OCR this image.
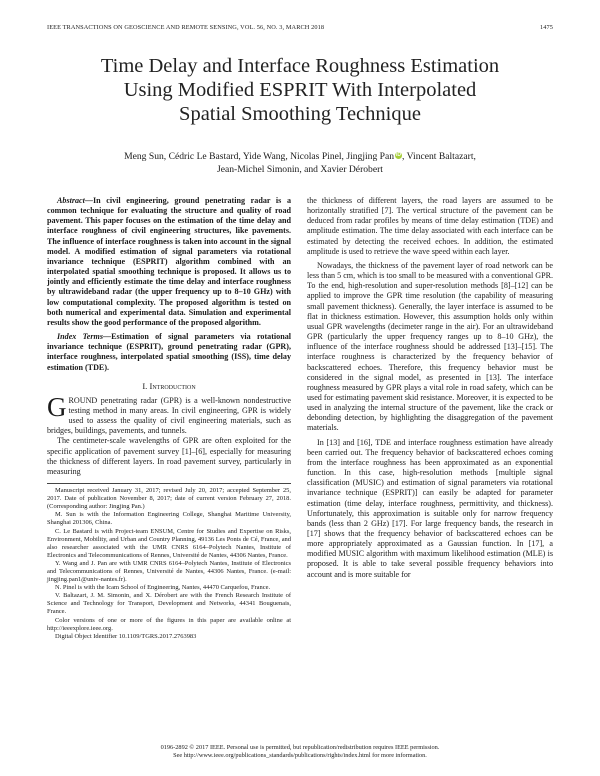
IEEE TRANSACTIONS ON GEOSCIENCE AND REMOTE SENSING, VOL. 56, NO. 3, MARCH 2018	1475
Time Delay and Interface Roughness Estimation
Using Modified ESPRIT With Interpolated
Spatial Smoothing Technique
Meng Sun, Cédric Le Bastard, Yide Wang, Nicolas Pinel, Jingjing Pan iD, Vincent Baltazart,
Jean-Michel Simonin, and Xavier Dérobert

Abstract—In civil engineering, ground penetrating radar is a common technique for evaluating the structure and quality of road pavement. This paper focuses on the estimation of the time delay and interface roughness of civil engineering structures, like pavements. The influence of interface roughness is taken into account in the signal model. A modified estimation of signal parameters via rotational invariance technique (ESPRIT) algorithm combined with an interpolated spatial smoothing technique is proposed. It allows us to jointly and efficiently estimate the time delay and interface roughness by ultrawideband radar (the upper frequency up to 8–10 GHz) with low computational complexity. The proposed algorithm is tested on both numerical and experimental data. Simulation and experimental results show the good performance of the proposed algorithm.

Index Terms—Estimation of signal parameters via rotational invariance technique (ESPRIT), ground penetrating radar (GPR), interface roughness, interpolated spatial smoothing (ISS), time delay estimation (TDE).

I. Introduction

GROUND penetrating radar (GPR) is a well-known nondestructive testing method in many areas. In civil engineering, GPR is widely used to assess the quality of civil engineering materials, such as bridges, buildings, pavements, and tunnels.

The centimeter-scale wavelengths of GPR are often exploited for the specific application of pavement survey [1]–[6], especially for measuring the thickness of different layers. In road pavement survey, particularly in measuring

Manuscript received January 31, 2017; revised July 20, 2017; accepted September 25, 2017. Date of publication November 8, 2017; date of current version February 27, 2018. (Corresponding author: Jingjing Pan.)
M. Sun is with the Information Engineering College, Shanghai Maritime University, Shanghai 201306, China.
C. Le Bastard is with Project-team ENSUM, Centre for Studies and Expertise on Risks, Environment, Mobility, and Urban and Country Planning, 49136 Les Ponts de Cé, France, and also researcher associated with the UMR CNRS 6164–Polytech Nantes, Institute of Electronics and Telecommunications of Rennes, Université de Nantes, 44306 Nantes, France.
Y. Wang and J. Pan are with UMR CNRS 6164–Polytech Nantes, Institute of Electronics and Telecommunications of Rennes, Université de Nantes, 44306 Nantes, France. (e-mail: jingjing.pan1@univ-nantes.fr).
N. Pinel is with the Icam School of Engineering, Nantes, 44470 Carquefou, France.
V. Baltazart, J. M. Simonin, and X. Dérobert are with the French Research Institute of Science and Technology for Transport, Development and Networks, 44341 Bouguenais, France.
Color versions of one or more of the figures in this paper are available online at http://ieeexplore.ieee.org.
Digital Object Identifier 10.1109/TGRS.2017.2763983

the thickness of different layers, the road layers are assumed to be horizontally stratified [7]. The vertical structure of the pavement can be deduced from radar profiles by means of time delay estimation (TDE) and amplitude estimation. The time delay associated with each interface can be estimated by detecting the received echoes. In addition, the estimated amplitude is used to retrieve the wave speed within each layer.

Nowadays, the thickness of the pavement layer of road network can be less than 5 cm, which is too small to be measured with a conventional GPR. To the end, high-resolution and super-resolution methods [8]–[12] can be applied to improve the GPR time resolution (the capability of measuring small pavement thickness). Generally, the layer interface is assumed to be flat in thickness estimation. However, this assumption holds only within usual GPR wavelengths (decimeter range in the air). For an ultrawideband GPR (particularly the upper frequency ranges up to 8–10 GHz), the influence of the interface roughness should be addressed [13]–[15]. The interface roughness is characterized by the frequency behavior of backscattered echoes. Therefore, this frequency behavior must be considered in the signal model, as presented in [13]. The interface roughness measured by GPR plays a vital role in road safety, which can be used for estimating pavement skid resistance. Moreover, it is expected to be used in analyzing the internal structure of the pavement, like the crack or debonding detection, by highlighting the disaggregation of the pavement materials.

In [13] and [16], TDE and interface roughness estimation have already been carried out. The frequency behavior of backscattered echoes coming from the interface roughness has been approximated as an exponential function. In this case, high-resolution methods [multiple signal classification (MUSIC) and estimation of signal parameters via rotational invariance technique (ESPRIT)] can easily be adapted for parameter estimation (time delay, interface roughness, permittivity, and thickness). Unfortunately, this approximation is suitable only for narrow frequency bands (less than 2 GHz) [17]. For large frequency bands, the research in [17] shows that the frequency behavior of backscattered echoes can be more appropriately approximated as a Gaussian function. In [17], a modified MUSIC algorithm with maximum likelihood estimation (MLE) is proposed. It is able to take several possible frequency behaviors into account and is more suitable for

0196-2892 © 2017 IEEE. Personal use is permitted, but republication/redistribution requires IEEE permission.
See http://www.ieee.org/publications_standards/publications/rights/index.html for more information.
